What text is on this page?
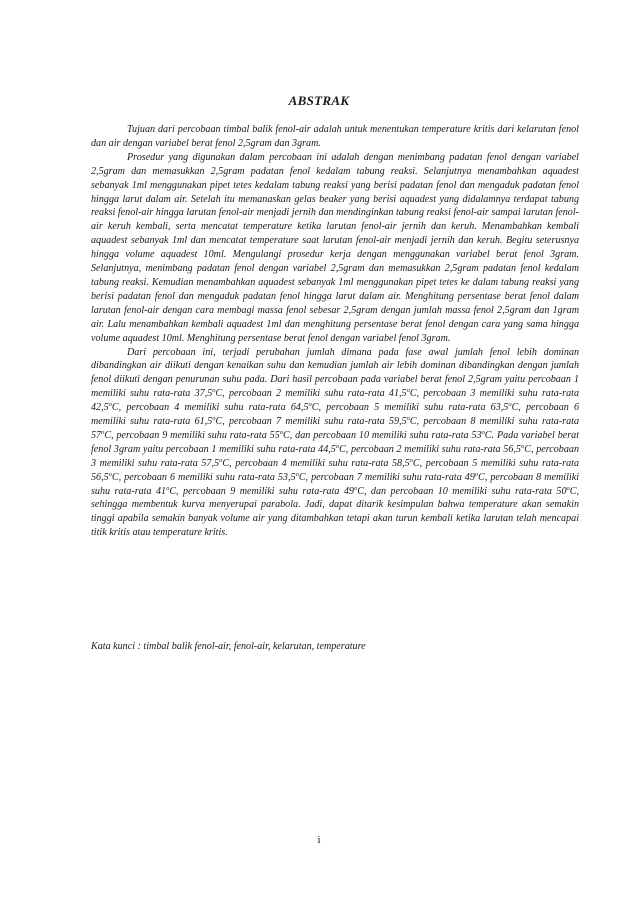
ABSTRAK

Tujuan dari percobaan timbal balik fenol-air adalah untuk menentukan temperature kritis dari kelarutan fenol dan air dengan variabel berat fenol 2,5gram dan 3gram.

Prosedur yang digunakan dalam percobaan ini adalah dengan menimbang padatan fenol dengan variabel 2,5gram dan memasukkan 2,5gram padatan fenol kedalam tabung reaksi. Selanjutnya menambahkan aquadest sebanyak 1ml menggunakan pipet tetes kedalam tabung reaksi yang berisi padatan fenol dan mengaduk padatan fenol hingga larut dalam air. Setelah itu memanaskan gelas beaker yang berisi aquadest yang didalamnya terdapat tabung reaksi fenol-air hingga larutan fenol-air menjadi jernih dan mendinginkan tabung reaksi fenol-air sampai larutan fenol-air keruh kembali, serta mencatat temperature ketika larutan fenol-air jernih dan keruh. Menambahkan kembali aquadest sebanyak 1ml dan mencatat temperature saat larutan fenol-air menjadi jernih dan keruh. Begitu seterusnya hingga volume aquadest 10ml. Mengulangi prosedur kerja dengan menggunakan variabel berat fenol 3gram. Selanjutnya, menimbang padatan fenol dengan variabel 2,5gram dan memasukkan 2,5gram padatan fenol kedalam tabung reaksi. Kemudian menambahkan aquadest sebanyak 1ml menggunakan pipet tetes ke dalam tabung reaksi yang berisi padatan fenol dan mengaduk padatan fenol hingga larut dalam air. Menghitung persentase berat fenol dalam larutan fenol-air dengan cara membagi massa fenol sebesar 2,5gram dengan jumlah massa fenol 2,5gram dan 1gram air. Lalu menambahkan kembali aquadest 1ml dan menghitung persentase berat fenol dengan cara yang sama hingga volume aquadest 10ml. Menghitung persentase berat fenol dengan variabel fenol 3gram.

Dari percobaan ini, terjadi perubahan jumlah dimana pada fase awal jumlah fenol lebih dominan dibandingkan air diikuti dengan kenaikan suhu dan kemudian jumlah air lebih dominan dibandingkan dengan jumlah fenol diikuti dengan penurunan suhu pada. Dari hasil percobaan pada variabel berat fenol 2,5gram yaitu percobaan 1 memiliki suhu rata-rata 37,5$^o$C, percobaan 2 memiliki suhu rata-rata 41,5$^o$C, percobaan 3 memiliki suhu rata-rata 42,5$^o$C, percobaan 4 memiliki suhu rata-rata 64,5$^o$C, percobaan 5 memiliki suhu rata-rata 63,5$^o$C, percobaan 6 memiliki suhu rata-rata 61,5$^o$C, percobaan 7 memiliki suhu rata-rata 59,5$^o$C, percobaan 8 memiliki suhu rata-rata 57$^o$C, percobaan 9 memiliki suhu rata-rata 55$^o$C, dan percobaan 10 memiliki suhu rata-rata 53$^o$C. Pada variabel berat fenol 3gram yaitu percobaan 1 memiliki suhu rata-rata 44,5$^o$C, percobaan 2 memiliki suhu rata-rata 56,5$^o$C, percobaan 3 memiliki suhu rata-rata 57,5$^o$C, percobaan 4 memiliki suhu rata-rata 58,5$^o$C, percobaan 5 memiliki suhu rata-rata 56,5$^o$C, percobaan 6 memiliki suhu rata-rata 53,5$^o$C, percobaan 7 memiliki suhu rata-rata 49$^o$C, percobaan 8 memiliki suhu rata-rata 41$^o$C, percobaan 9 memiliki suhu rata-rata 49$^o$C, dan percobaan 10 memiliki suhu rata-rata 50$^o$C, sehingga membentuk kurva menyerupai parabola. Jadi, dapat ditarik kesimpulan bahwa temperature akan semakin tinggi apabila semakin banyak volume air yang ditambahkan tetapi akan turun kembali ketika larutan telah mencapai titik kritis atau temperature kritis.

Kata kunci : timbal balik fenol-air, fenol-air, kelarutan, temperature
i
